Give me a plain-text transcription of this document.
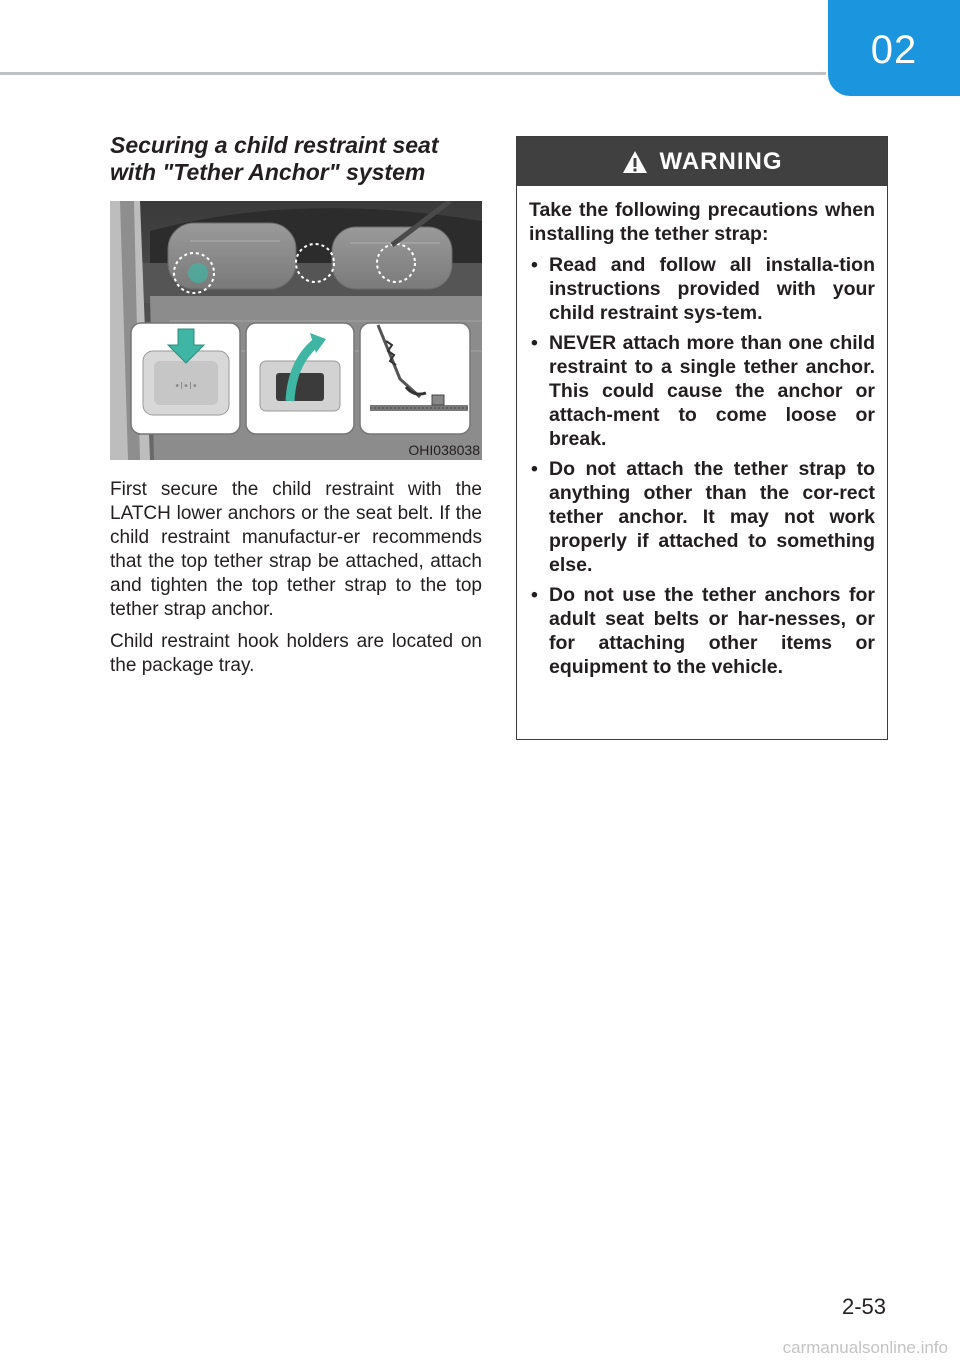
02
Securing a child restraint seat with "Tether Anchor" system
•Ι•Ι•
OHI038038

First secure the child restraint with the LATCH lower anchors or the seat belt. If the child restraint manufactur-er recommends that the top tether strap be attached, attach and tighten the top tether strap to the top tether strap anchor.

Child restraint hook holders are located on the package tray.

WARNING

Take the following precautions when installing the tether strap:

• Read and follow all installa-tion instructions provided with your child restraint sys-tem.
• NEVER attach more than one child restraint to a single tether anchor. This could cause the anchor or attach-ment to come loose or break.
• Do not attach the tether strap to anything other than the cor-rect tether anchor. It may not work properly if attached to something else.
• Do not use the tether anchors for adult seat belts or har-nesses, or for attaching other items or equipment to the vehicle.
2-53
carmanualsonline.info
